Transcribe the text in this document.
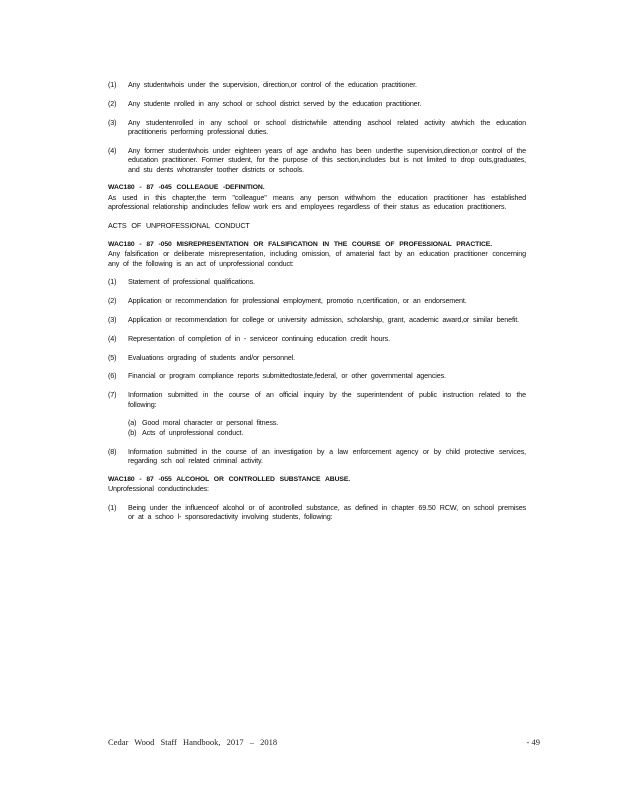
(1)	Any studentwhois under the supervision, direction,or control of the education practitioner.
(2)	Any studente nrolled in any school or school district served by the education practitioner.
(3)	Any studentenrolled in any school or school districtwhile attending aschool related activity atwhich the education practitioneris performing professional duties.
(4)	Any former studentwhois under eighteen years of age andwho has been underthe supervision,direction,or control of the education practitioner. Former student, for the purpose of this section,includes but is not limited to drop outs,graduates, and stu dents whotransfer toother districts or schools.
WAC180 - 87 -045 COLLEAGUE -DEFINITION.
As used in this chapter,the term "colleague" means any person withwhom the education practitioner has established aprofessional relationship andincludes fellow work ers and employees regardless of their status as education practitioners.
ACTS OF UNPROFESSIONAL CONDUCT
WAC180 - 87 -050 MISREPRESENTATION OR FALSIFICATION IN THE COURSE OF PROFESSIONAL PRACTICE.
Any falsification or deliberate misrepresentation, including omission, of amaterial fact by an education practitioner concerning any of the following is an act of unprofessional conduct:
(1)	Statement of professional qualifications.
(2)	Application or recommendation for professional employment, promotio n,certification, or an endorsement.
(3)	Application or recommendation for college or university admission, scholarship, grant, academic award,or similar benefit.
(4)	Representation of completion of in - serviceor continuing education credit hours.
(5)	Evaluations orgrading of students and/or personnel.
(6)	Financial or program compliance reports submittedtostate,federal, or other governmental agencies.
(7)	Information submitted in the course of an official inquiry by the superintendent of public instruction related to the following:
(a) Good moral character or personal fitness.
(b) Acts of unprofessional conduct.
(8)	Information submitted in the course of an investigation by a law enforcement agency or by child protective services, regarding sch ool related criminal activity.
WAC180 - 87 -055 ALCOHOL OR CONTROLLED SUBSTANCE ABUSE.
Unprofessional conductincludes:
(1)	Being under the influenceof alcohol or of acontrolled substance, as defined in chapter 69.50 RCW, on school premises or at a schoo l- sponsoredactivity involving students, following:
Cedar Wood Staff Handbook, 2017 – 2018	- 49
